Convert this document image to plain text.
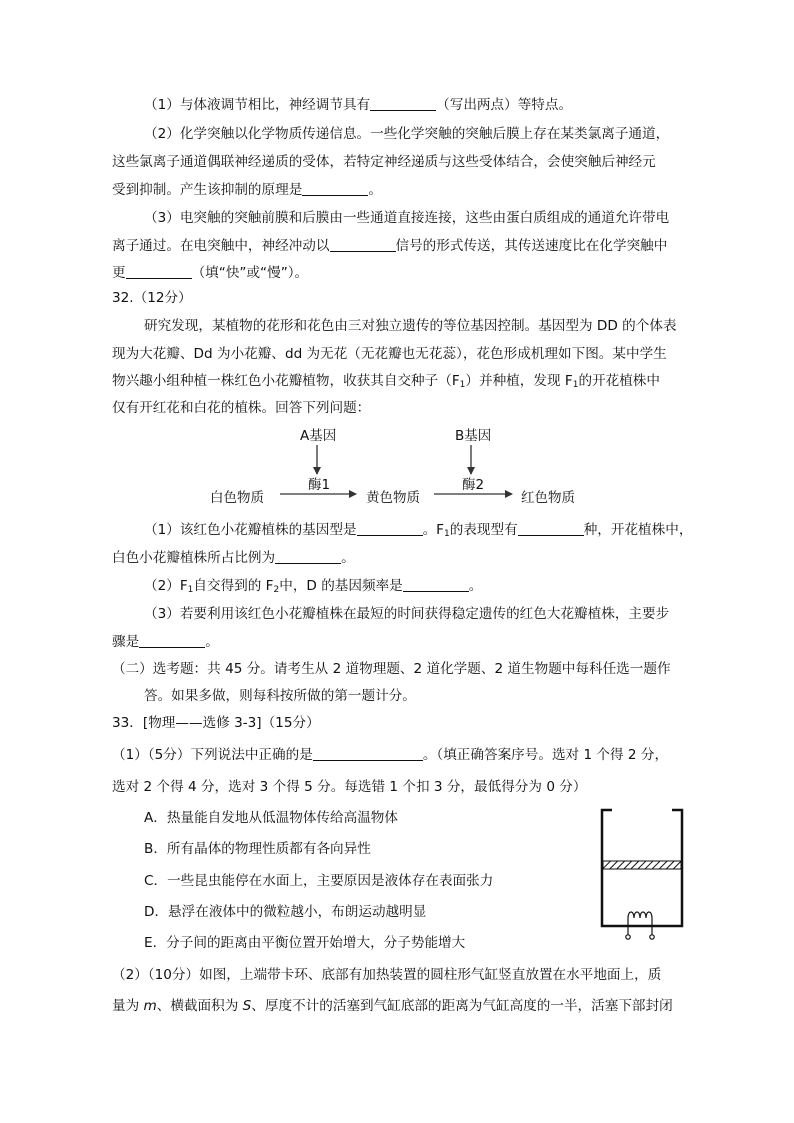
（1）与体液调节相比，神经调节具有	（写出两点）等特点。
（2）化学突触以化学物质传递信息。一些化学突触的突触后膜上存在某类氯离子通道，
这些氯离子通道偶联神经递质的受体，若特定神经递质与这些受体结合，会使突触后神经元
受到抑制。产生该抑制的原理是	。
（3）电突触的突触前膜和后膜由一些通道直接连接，这些由蛋白质组成的通道允许带电
离子通过。在电突触中，神经冲动以	信号的形式传送，其传送速度比在化学突触中
更	（填“快”或“慢”）。
32.（12分）
研究发现，某植物的花形和花色由三对独立遗传的等位基因控制。基因型为 DD 的个体表
现为大花瓣、Dd 为小花瓣、dd 为无花（无花瓣也无花蕊），花色形成机理如下图。某中学生
物兴趣小组种植一株红色小花瓣植物，收获其自交种子$(F_1)$并种植，发现 $F_1$的开花植株中
仅有开红花和白花的植株。回答下列问题：
A基因	B基因
酶1	酶2
白色物质	黄色物质	红色物质
（1）该红色小花瓣植株的基因型是	。$F_1$的表现型有	种，开花植株中，
白色小花瓣植株所占比例为	。
$(2)F_1$自交得到的 $F_2$中，D 的基因频率是	。
（3）若要利用该红色小花瓣植株在最短的时间获得稳定遗传的红色大花瓣植株，主要步
骤是	。
（二）选考题：共 45 分。请考生从 2 道物理题、2 道化学题、2 道生物题中每科任选一题作
答。如果多做，则每科按所做的第一题计分。
33．[物理——选修 3-3]（15分）
（1）（5分）下列说法中正确的是	。（填正确答案序号。选对 1 个得 2 分，
选对 2 个得 4 分，选对 3 个得 5 分。每选错 1 个扣 3 分，最低得分为 0 分）
A．热量能自发地从低温物体传给高温物体
B．所有晶体的物理性质都有各向异性
C．一些昆虫能停在水面上，主要原因是液体存在表面张力
D．悬浮在液体中的微粒越小，布朗运动越明显
E．分子间的距离由平衡位置开始增大，分子势能增大
（2）（10分）如图，上端带卡环、底部有加热装置的圆柱形气缸竖直放置在水平地面上，质
量为 m、横截面积为 S、厚度不计的活塞到气缸底部的距离为气缸高度的一半，活塞下部封闭
